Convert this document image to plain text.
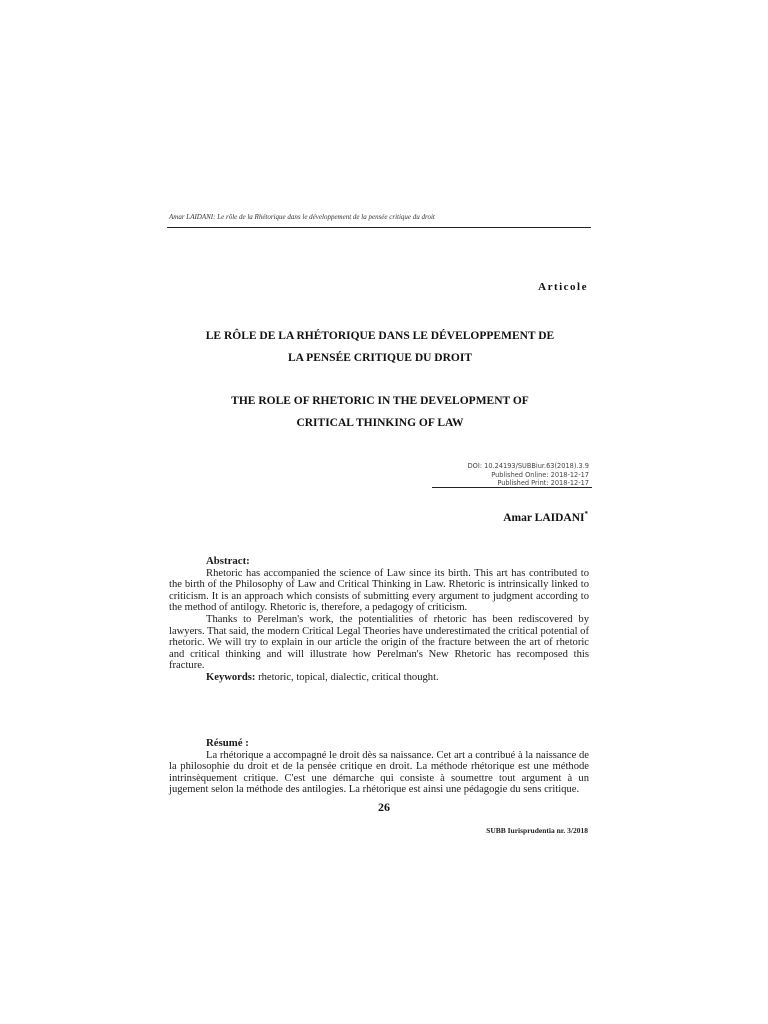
Amar LAIDANI: Le rôle de la Rhétorique dans le développement de la pensée critique du droit
Articole
LE RÔLE DE LA RHÉTORIQUE DANS LE DÉVELOPPEMENT DE
LA PENSÉE CRITIQUE DU DROIT
THE ROLE OF RHETORIC IN THE DEVELOPMENT OF
CRITICAL THINKING OF LAW
DOI: 10.24193/SUBBiur.63(2018).3.9
Published Online: 2018-12-17
Published Print: 2018-12-17
Amar LAIDANI*
Abstract:

Rhetoric has accompanied the science of Law since its birth. This art has contributed to the birth of the Philosophy of Law and Critical Thinking in Law. Rhetoric is intrinsically linked to criticism. It is an approach which consists of submitting every argument to judgment according to the method of antilogy. Rhetoric is, therefore, a pedagogy of criticism.

Thanks to Perelman's work, the potentialities of rhetoric has been rediscovered by lawyers. That said, the modern Critical Legal Theories have underestimated the critical potential of rhetoric. We will try to explain in our article the origin of the fracture between the art of rhetoric and critical thinking and will illustrate how Perelman's New Rhetoric has recomposed this fracture.

Keywords: rhetoric, topical, dialectic, critical thought.

Résumé :

La rhétorique a accompagné le droit dès sa naissance. Cet art a contribué à la naissance de la philosophie du droit et de la pensée critique en droit. La méthode rhétorique est une méthode intrinsèquement critique. C'est une démarche qui consiste à soumettre tout argument à un jugement selon la méthode des antilogies. La rhétorique est ainsi une pédagogie du sens critique.

26
SUBB Iurisprudentia nr. 3/2018
